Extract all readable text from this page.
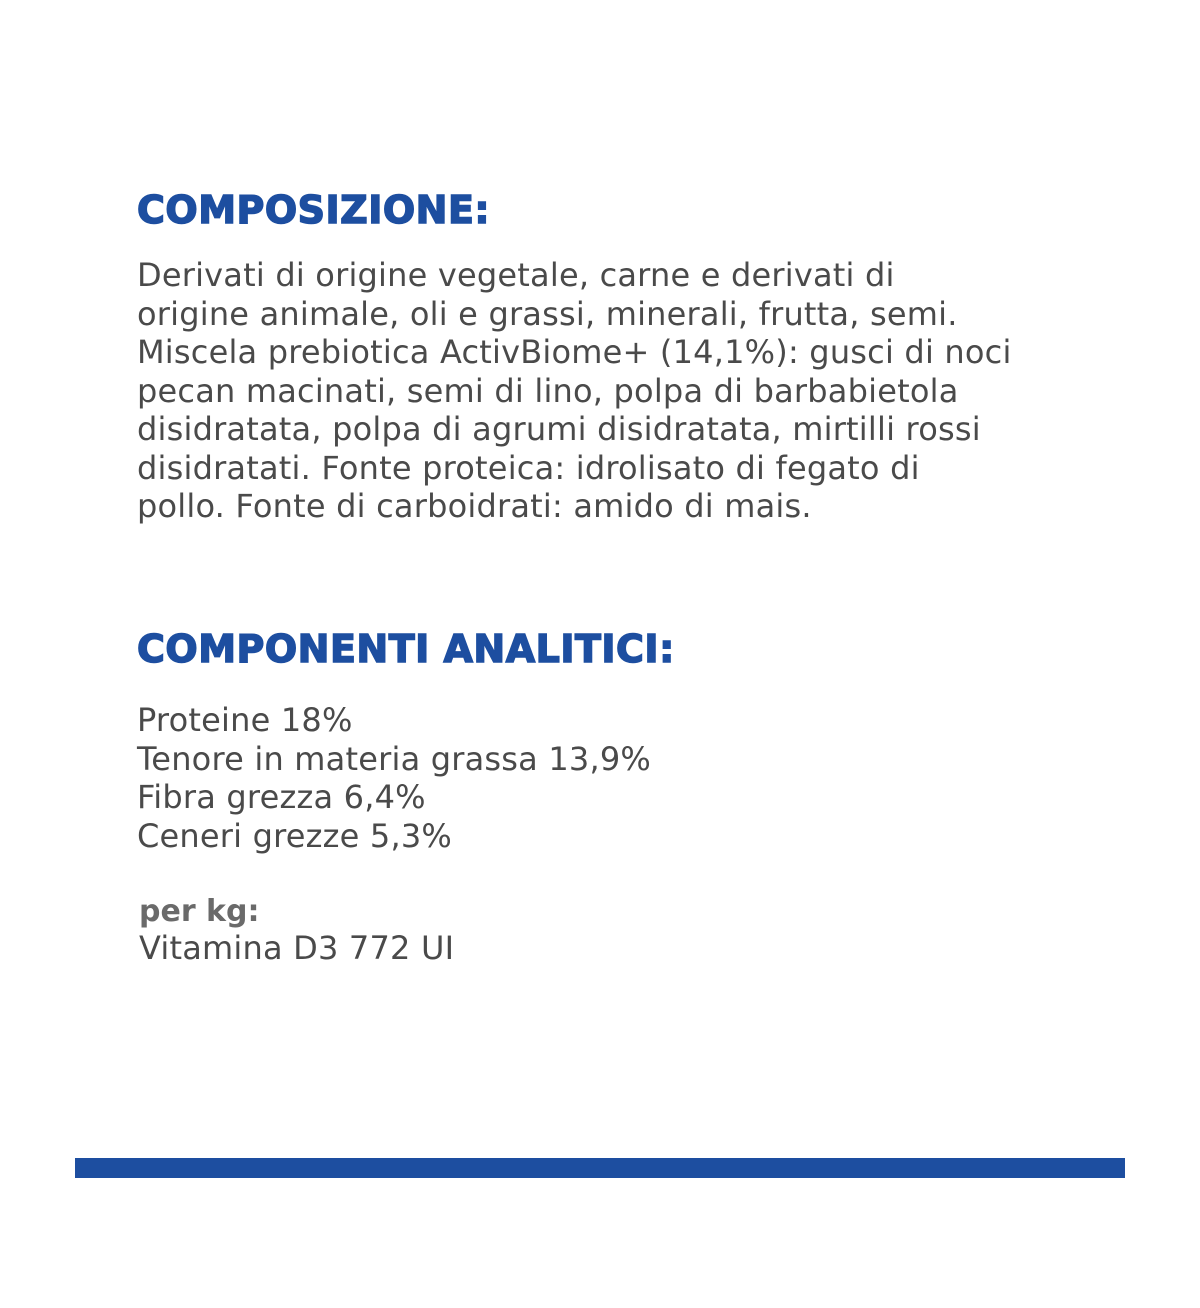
COMPOSIZIONE:

Derivati di origine vegetale, carne e derivati di
origine animale, oli e grassi, minerali, frutta, semi.
Miscela prebiotica ActivBiome+ (14,1%): gusci di noci
pecan macinati, semi di lino, polpa di barbabietola
disidratata, polpa di agrumi disidratata, mirtilli rossi
disidratati. Fonte proteica: idrolisato di fegato di
pollo. Fonte di carboidrati: amido di mais.

COMPONENTI ANALITICI:
Proteine 18%
Tenore in materia grassa 13,9%
Fibra grezza 6,4%
Ceneri grezze 5,3%

per kg:

Vitamina D3 772 UI
